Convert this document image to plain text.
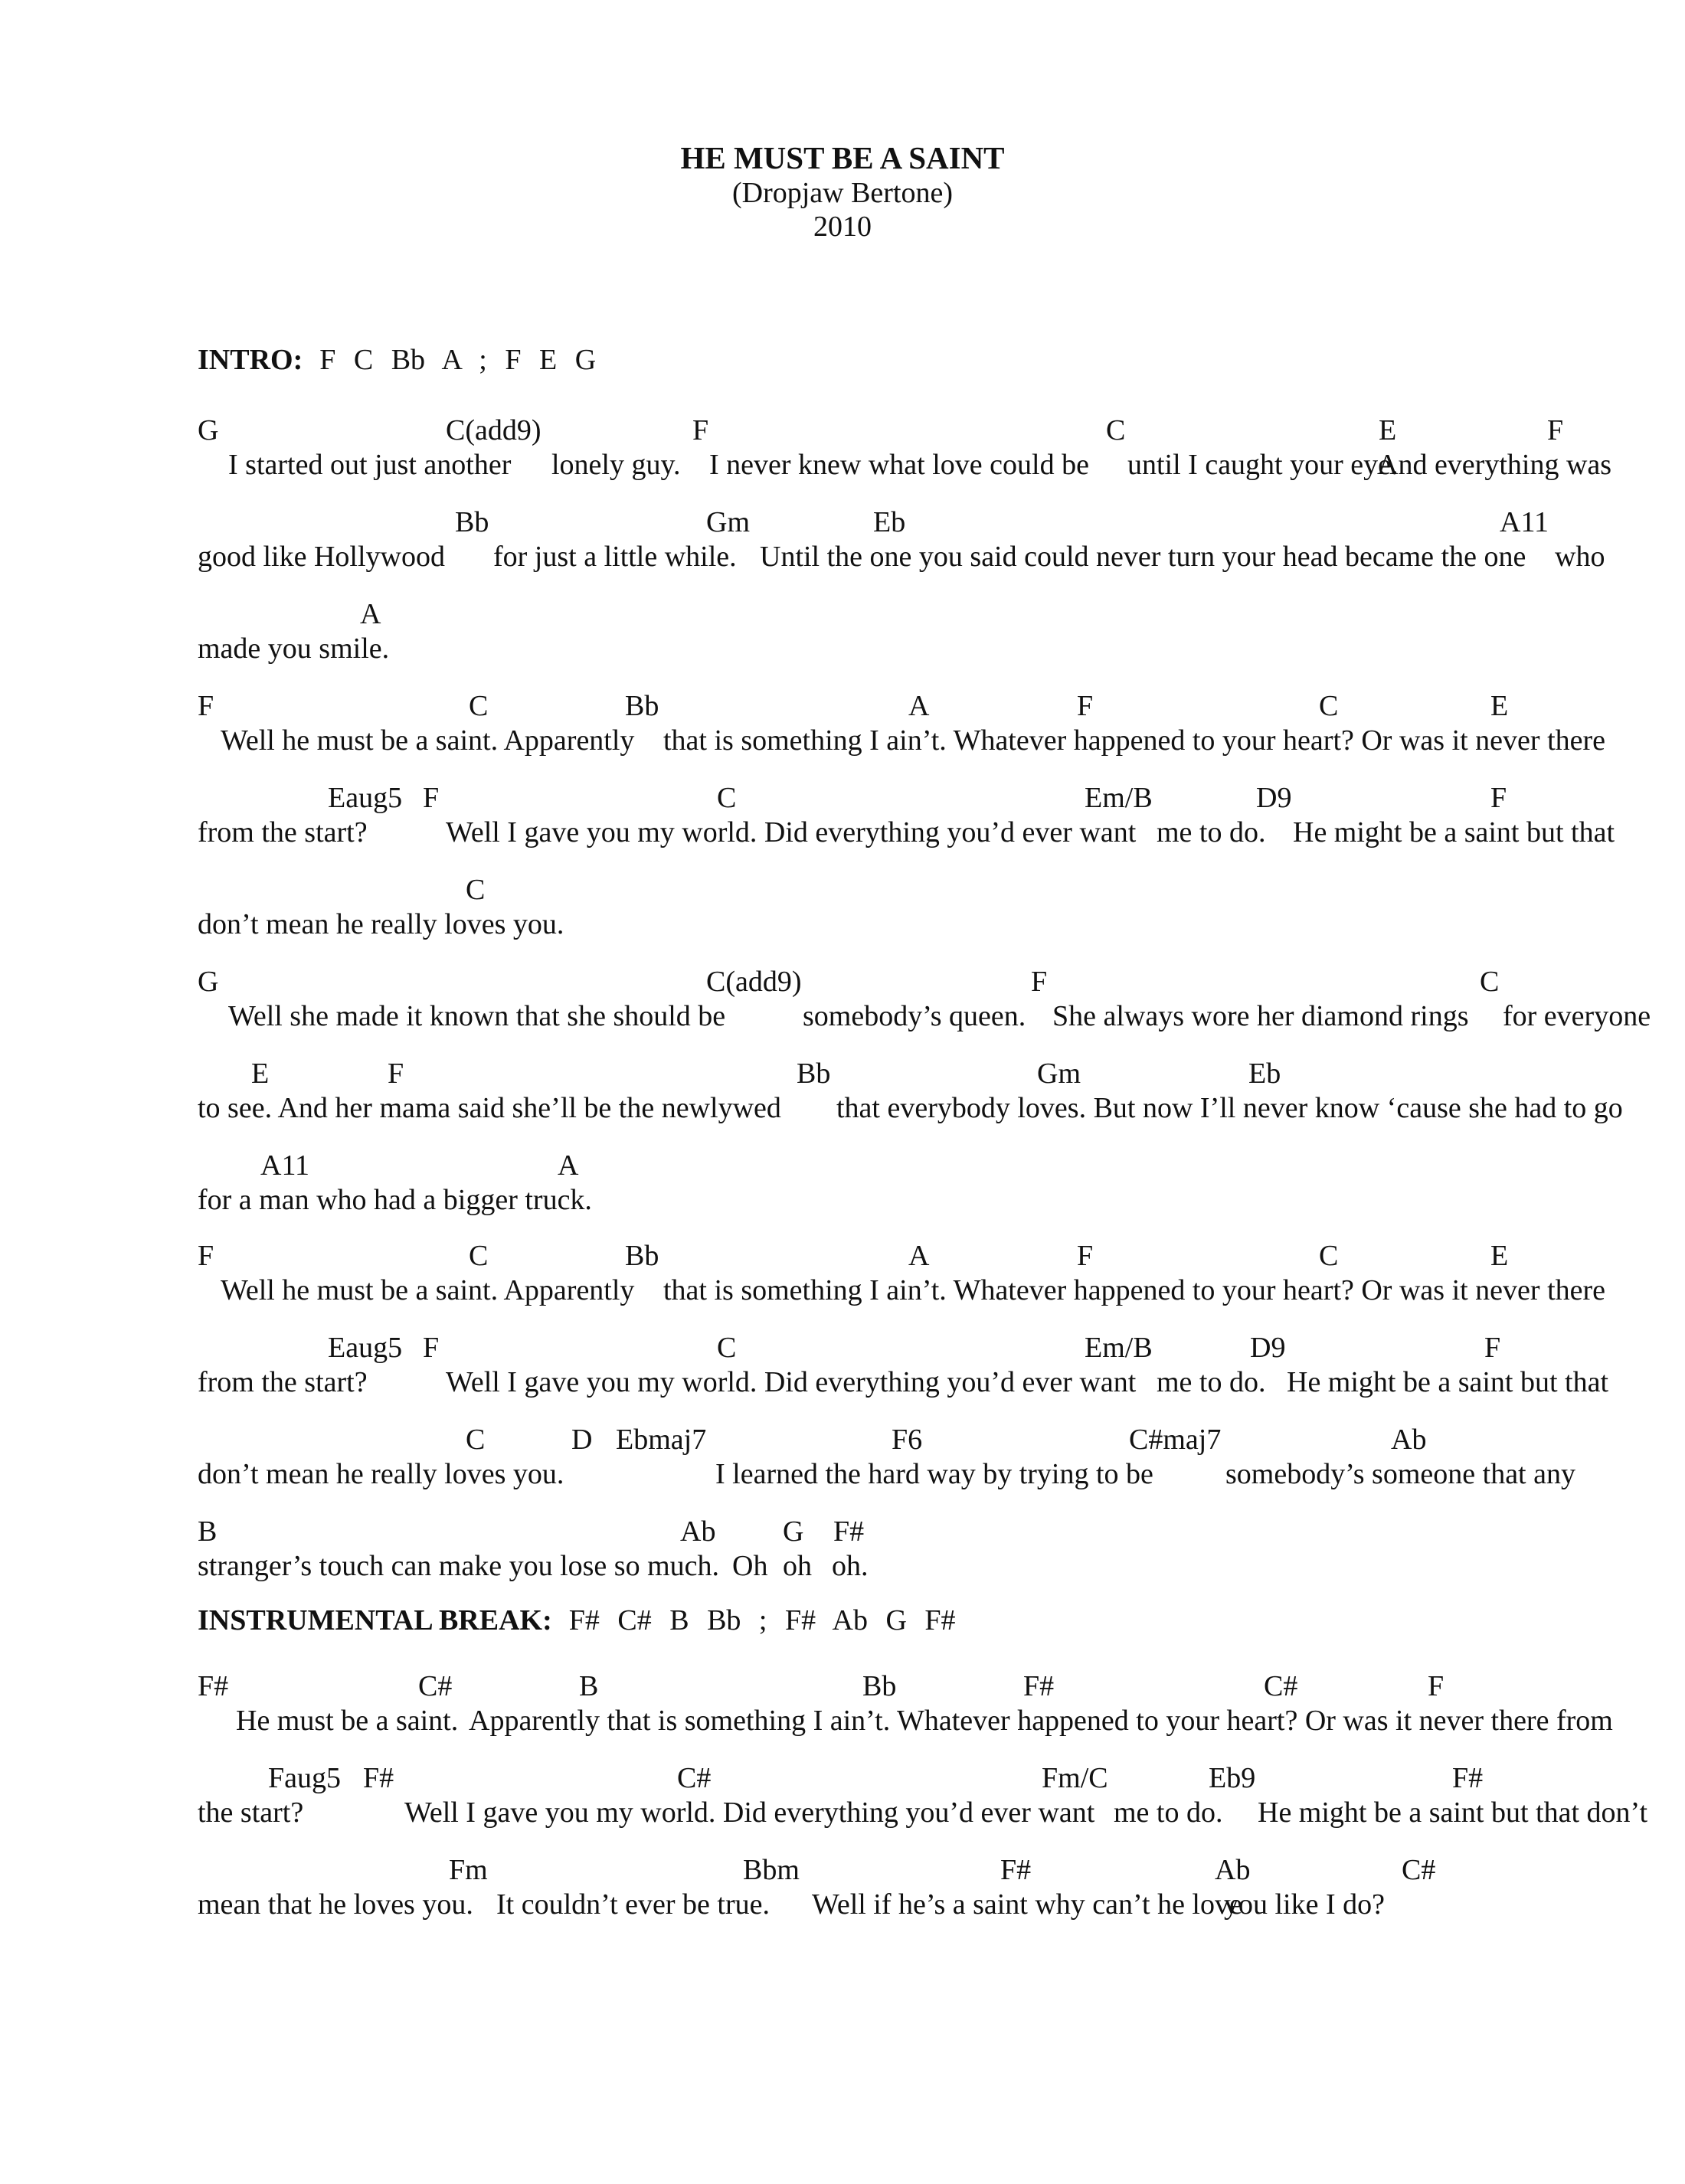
HE MUST BE A SAINT
(Dropjaw Bertone)
2010
INTRO: F C Bb A ; F E G
G	C(add9)	F	C	E	F
I started out just another lonely guy. I never knew what love could be until I caught your eye.
And everything was
Bb	Gm	Eb	A11
good like Hollywood for just a little while. Until the one you said could never turn your head became the one who
A
made you smile.
F	C	Bb	A	F	C	E
Well he must be a saint. Apparently that is something I ain’t. Whatever happened to your heart? Or was it never there
Eaug5 F	C	Em/B	D9	F
from the start?	Well I gave you my world. Did everything you’d ever want me to do. He might be a saint but that
C
don’t mean he really loves you.
G	C(add9)	F	C
Well she made it known that she should be	somebody’s queen. She always wore her diamond rings for everyone
E	F	Bb	Gm	Eb
to see. And her mama said she’ll be the newlywed that everybody loves. But now I’ll never know ‘cause she had to go
A11	A
for a man who had a bigger truck.
F	C	Bb	A	F	C	E
Well he must be a saint. Apparently that is something I ain’t. Whatever happened to your heart? Or was it never there
Eaug5 F	C	Em/B	D9	F
from the start?	Well I gave you my world. Did everything you’d ever want me to do. He might be a saint but that
C	D Ebmaj7	F6	C#maj7	Ab
don’t mean he really loves you.	I learned the hard way by trying to be somebody’s someone that any
B	Ab G F#
stranger’s touch can make you lose so much. Oh oh oh.
INSTRUMENTAL BREAK: F# C# B Bb ; F# Ab G F#
F#	C#	B	Bb	F#	C#	F
He must be a saint. Apparently that is something I ain’t. Whatever happened to your heart? Or was it never there from
Faug5 F#	C#	Fm/C	Eb9	F#
the start?	Well I gave you my world. Did everything you’d ever want me to do. He might be a saint but that don’t
Fm	Bbm	F#	Ab	C#
mean that he loves you. It couldn’t ever be true. Well if he’s a saint why can’t he love
you like I do?
